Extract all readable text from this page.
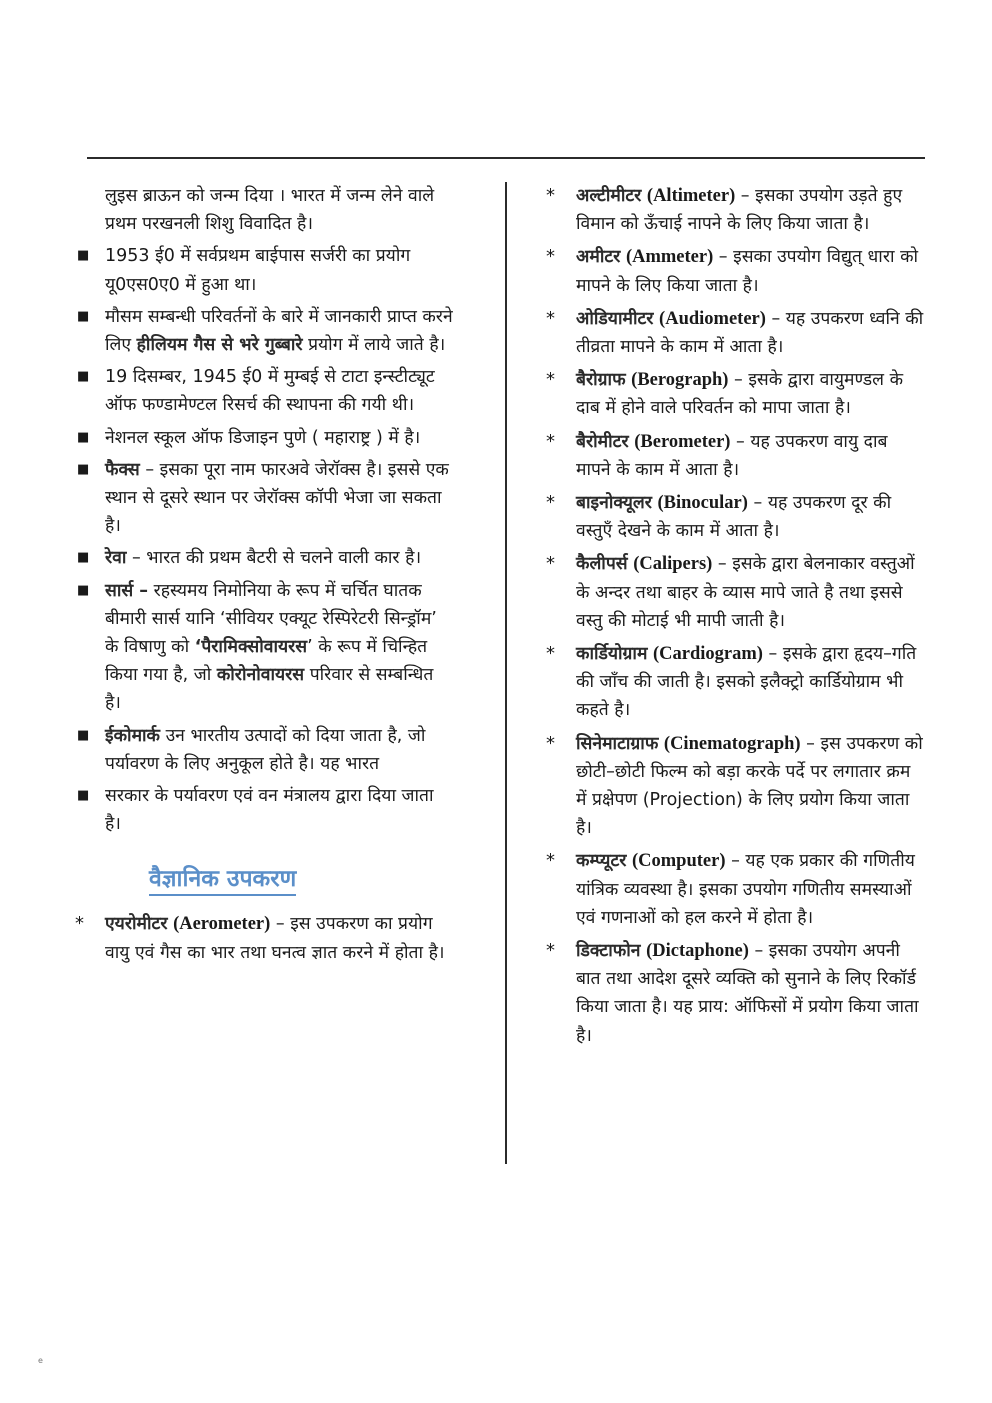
लुइस ब्राऊन को जन्म दिया । भारत में जन्म लेने वाले प्रथम परखनली शिशु विवादित है।
■ 1953 ई0 में सर्वप्रथम बाईपास सर्जरी का प्रयोग यू0एस0ए0 में हुआ था।
■ मौसम सम्बन्धी परिवर्तनों के बारे में जानकारी प्राप्त करने लिए हीलियम गैस से भरे गुब्बारे प्रयोग में लाये जाते है।
■ 19 दिसम्बर, 1945 ई0 में मुम्बई से टाटा इन्स्टीट्यूट ऑफ फण्डामेण्टल रिसर्च की स्थापना की गयी थी।
■ नेशनल स्कूल ऑफ डिजाइन पुणे ( महाराष्ट्र ) में है।
■ फैक्स – इसका पूरा नाम फारअवे जेरॉक्स है। इससे एक स्थान से दूसरे स्थान पर जेरॉक्स कॉपी भेजा जा सकता है।
■ रेवा – भारत की प्रथम बैटरी से चलने वाली कार है।
■ सार्स – रहस्यमय निमोनिया के रूप में चर्चित घातक बीमारी सार्स यानि ‘सीवियर एक्यूट रेस्पिरेटरी सिन्ड्रॉम’ के विषाणु को ‘पैरामिक्सोवायरस’ के रूप में चिन्हित किया गया है, जो कोरोनोवायरस परिवार से सम्बन्धित है।
■ ईकोमार्क उन भारतीय उत्पादों को दिया जाता है, जो पर्यावरण के लिए अनुकूल होते है। यह भारत
■ सरकार के पर्यावरण एवं वन मंत्रालय द्वारा दिया जाता है।
वैज्ञानिक उपकरण
* एयरोमीटर (Aerometer) – इस उपकरण का प्रयोग वायु एवं गैस का भार तथा घनत्व ज्ञात करने में होता है।
* अल्टीमीटर (Altimeter) – इसका उपयोग उड़ते हुए विमान को ऊँचाई नापने के लिए किया जाता है।
* अमीटर (Ammeter) – इसका उपयोग विद्युत् धारा को मापने के लिए किया जाता है।
* ओडियामीटर (Audiometer) – यह उपकरण ध्वनि की तीव्रता मापने के काम में आता है।
* बैरोग्राफ (Berograph) – इसके द्वारा वायुमण्डल के दाब में होने वाले परिवर्तन को मापा जाता है।
* बैरोमीटर (Berometer) – यह उपकरण वायु दाब मापने के काम में आता है।
* बाइनोक्यूलर (Binocular) – यह उपकरण दूर की वस्तुएँ देखने के काम में आता है।
* कैलीपर्स (Calipers) – इसके द्वारा बेलनाकार वस्तुओं के अन्दर तथा बाहर के व्यास मापे जाते है तथा इससे वस्तु की मोटाई भी मापी जाती है।
* कार्डियोग्राम (Cardiogram) – इसके द्वारा हृदय–गति की जाँच की जाती है। इसको इलैक्ट्रो कार्डियोग्राम भी कहते है।
* सिनेमाटाग्राफ (Cinematograph) – इस उपकरण को छोटी–छोटी फिल्म को बड़ा करके पर्दे पर लगातार क्रम में प्रक्षेपण (Projection) के लिए प्रयोग किया जाता है।
* कम्प्यूटर (Computer) – यह एक प्रकार की गणितीय यांत्रिक व्यवस्था है। इसका उपयोग गणितीय समस्याओं एवं गणनाओं को हल करने में होता है।
* डिक्टाफोन (Dictaphone) – इसका उपयोग अपनी बात तथा आदेश दूसरे व्यक्ति को सुनाने के लिए रिकॉर्ड किया जाता है। यह प्राय: ऑफिसों में प्रयोग किया जाता है।
e
